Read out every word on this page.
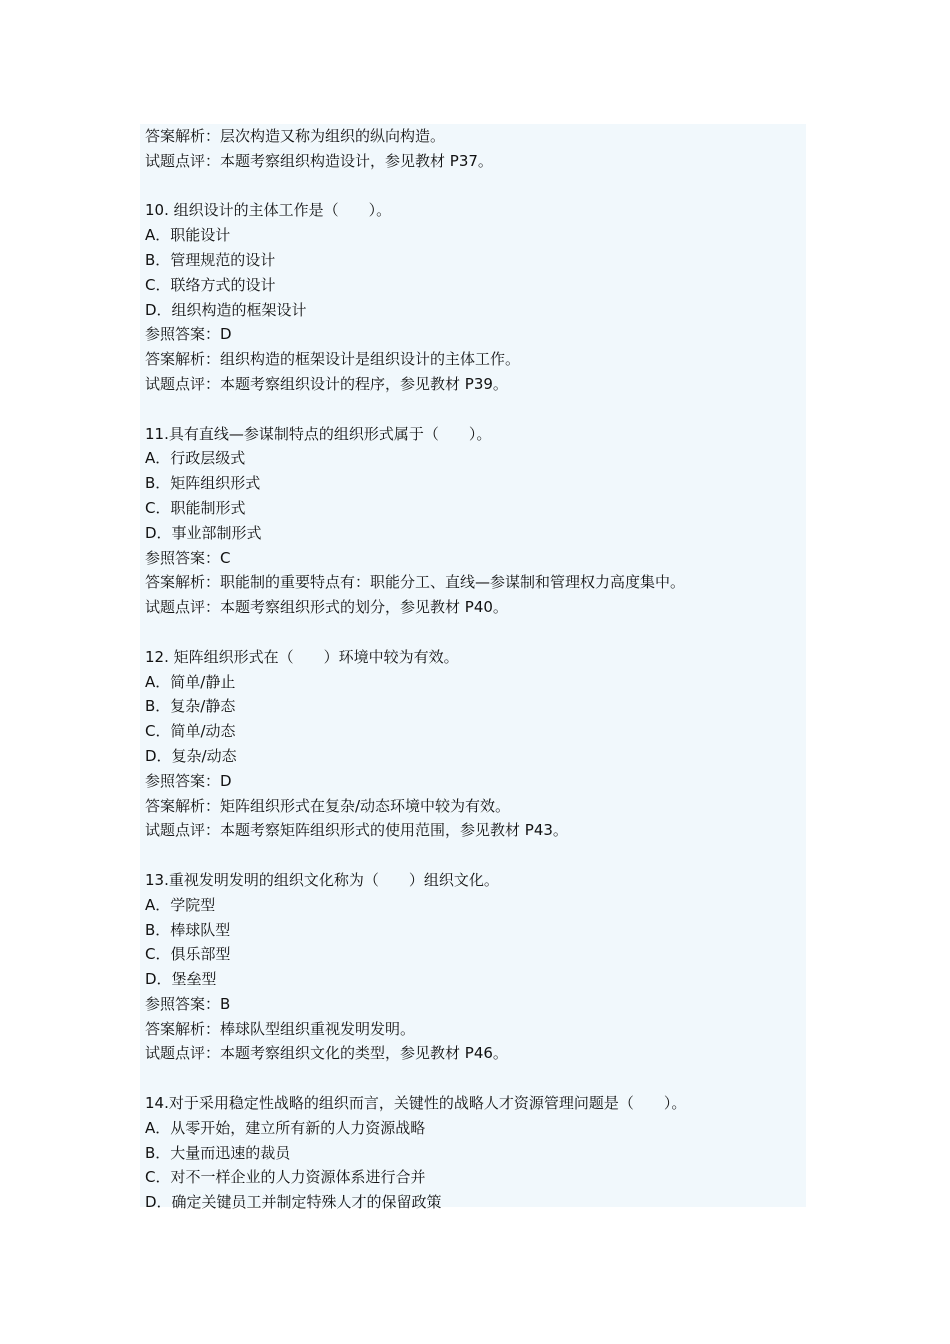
答案解析：层次构造又称为组织的纵向构造。
试题点评：本题考察组织构造设计，参见教材 P37。
10. 组织设计的主体工作是（　　）。
A．职能设计
B．管理规范的设计
C．联络方式的设计
D．组织构造的框架设计
参照答案：D
答案解析：组织构造的框架设计是组织设计的主体工作。
试题点评：本题考察组织设计的程序，参见教材 P39。
11.具有直线—参谋制特点的组织形式属于（　　）。
A．行政层级式
B．矩阵组织形式
C．职能制形式
D．事业部制形式
参照答案：C
答案解析：职能制的重要特点有：职能分工、直线—参谋制和管理权力高度集中。
试题点评：本题考察组织形式的划分，参见教材 P40。
12. 矩阵组织形式在（　　）环境中较为有效。
A．简单/静止
B．复杂/静态
C．简单/动态
D．复杂/动态
参照答案：D
答案解析：矩阵组织形式在复杂/动态环境中较为有效。
试题点评：本题考察矩阵组织形式的使用范围，参见教材 P43。
13.重视发明发明的组织文化称为（　　）组织文化。
A．学院型
B．棒球队型
C．俱乐部型
D．堡垒型
参照答案：B
答案解析：棒球队型组织重视发明发明。
试题点评：本题考察组织文化的类型，参见教材 P46。
14.对于采用稳定性战略的组织而言，关键性的战略人才资源管理问题是（　　）。
A．从零开始，建立所有新的人力资源战略
B．大量而迅速的裁员
C．对不一样企业的人力资源体系进行合并
D．确定关键员工并制定特殊人才的保留政策
